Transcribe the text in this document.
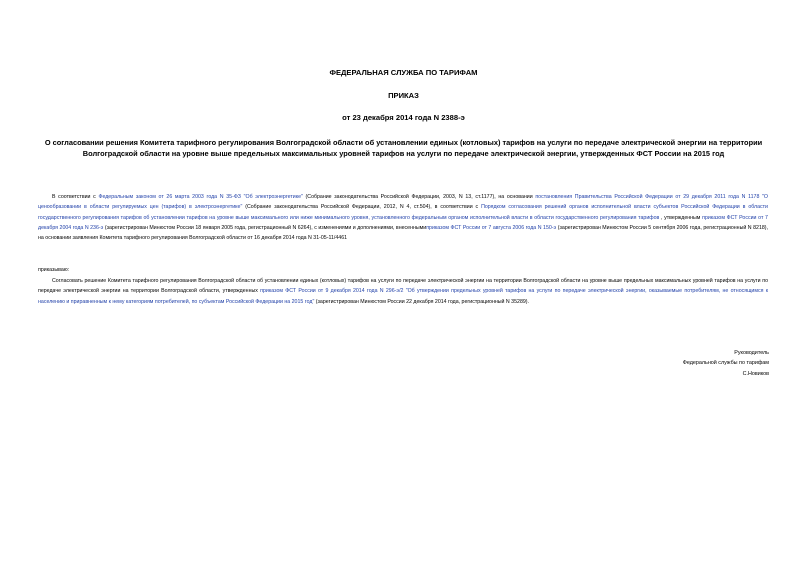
ФЕДЕРАЛЬНАЯ СЛУЖБА ПО ТАРИФАМ
ПРИКАЗ
от 23 декабря 2014 года N 2388-э
О согласовании решения Комитета тарифного регулирования Волгоградской области об установлении единых (котловых) тарифов на услуги по передаче электрической энергии на территории Волгоградской области на уровне выше предельных максимальных уровней тарифов на услуги по передаче электрической энергии, утвержденных ФСТ России на 2015 год
В соответствии с Федеральным законом от 26 марта 2003 года N 35-ФЗ "Об электроэнергетике" (Собрание законодательства Российской Федерации, 2003, N 13, ст.1177), на основании постановления Правительства Российской Федерации от 29 декабря 2011 года N 1178 "О ценообразовании в области регулируемых цен (тарифов) в электроэнергетике" (Собрание законодательства Российской Федерации, 2012, N 4, ст.504), в соответствии с Порядком согласования решений органов исполнительной власти субъектов Российской Федерации в области государственного регулирования тарифов об установлении тарифов на уровне выше максимального или ниже минимального уровня, установленного федеральным органом исполнительной власти в области государственного регулирования тарифов , утвержденным приказом ФСТ России от 7 декабря 2004 года N 236-э (зарегистрирован Минюстом России 18 января 2005 года, регистрационный N 6264), с изменениями и дополнениями, внесеннымиприказом ФСТ России от 7 августа 2006 года N 150-э (зарегистрирован Минюстом России 5 сентября 2006 года, регистрационный N 8218), на основании заявления Комитета тарифного регулирования Волгоградской области от 16 декабря 2014 года N 31-05-11/4461
приказываю:
Согласовать решение Комитета тарифного регулирования Волгоградской области об установлении единых (котловых) тарифов на услуги по передаче электрической энергии на территории Волгоградской области на уровне выше предельных максимальных уровней тарифов на услуги по передаче электрической энергии на территории Волгоградской области, утвержденных приказом ФСТ России от 9 декабря 2014 года N 296-э/2 "Об утверждении предельных уровней тарифов на услуги по передаче электрической энергии, оказываемые потребителям, не относящимся к населению и приравненным к нему категориям потребителей, по субъектам Российской Федерации на 2015 год" (зарегистрирован Минюстом России 22 декабря 2014 года, регистрационный N 35289).
Руководитель
Федеральной службы по тарифам
С.Новиков
